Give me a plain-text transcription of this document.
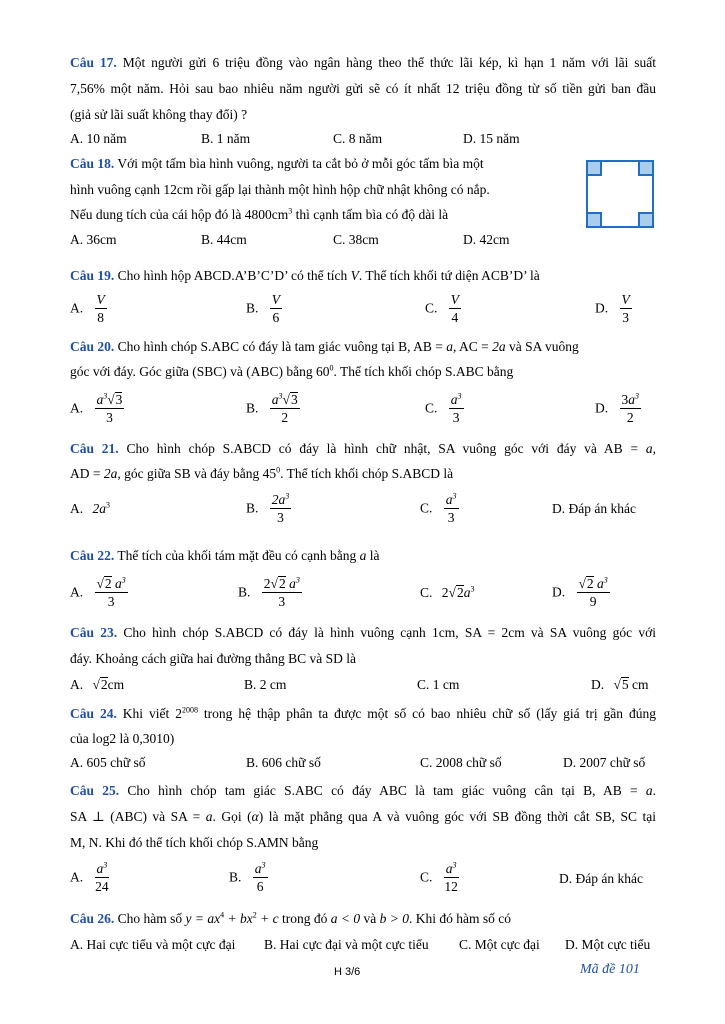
Câu 17. Một người gửi 6 triệu đồng vào ngân hàng theo thể thức lãi kép, kì hạn 1 năm với lãi suất
7,56% một năm. Hỏi sau bao nhiêu năm người gửi sẽ có ít nhất 12 triệu đồng từ số tiền gửi ban đầu
(giả sử lãi suất không thay đổi) ?
A. 10 năm	B. 1 năm	C. 8 năm	D. 15 năm
Câu 18. Với một tấm bìa hình vuông, người ta cắt bỏ ở mỗi góc tấm bìa một
hình vuông cạnh 12cm rồi gấp lại thành một hình hộp chữ nhật không có nắp.
Nếu dung tích của cái hộp đó là $4800cm^3$ thì cạnh tấm bìa có độ dài là
A. 36cm	B. 44cm	C. 38cm	D. 42cm
Câu 19. Cho hình hộp ABCD.A’B’C’D’ có thể tích V. Thể tích khối tứ diện ACB’D’ là
A. $\frac{V}{8}$	B. $\frac{V}{6}$	C. $\frac{V}{4}$	D. $\frac{V}{3}$
Câu 20. Cho hình chóp S.ABC có đáy là tam giác vuông tại B, AB = a, AC = 2a và SA vuông
góc với đáy. Góc giữa (SBC) và (ABC) bằng $60^0$. Thể tích khối chóp S.ABC bằng
A. $\frac{a^3√3}{3}$	B. $\frac{a^3√3}{2}$	C. $\frac{a^3}{3}$	D. $\frac{3a^3}{2}$
Câu 21. Cho hình chóp S.ABCD có đáy là hình chữ nhật, SA vuông góc với đáy và AB = a,
AD = 2a, góc giữa SB và đáy bằng $45^0$. Thể tích khối chóp S.ABCD là
A. $2a^3$	B. $\frac{2a^3}{3}$	C. $\frac{a^3}{3}$	D. Đáp án khác
Câu 22. Thể tích của khối tám mặt đều có cạnh bằng a là
A. $\frac{√2 a^3}{3}$	B. $\frac{2√2 a^3}{3}$	C. $2√2a^3$	D. $\frac{√2 a^3}{9}$
Câu 23. Cho hình chóp S.ABCD có đáy là hình vuông cạnh 1cm, SA = 2cm và SA vuông góc với
đáy. Khoảng cách giữa hai đường thẳng BC và SD là
A. √2cm	B. 2 cm	C. 1 cm	D. √5 cm
Câu 24. Khi viết $2^{2008}$ trong hệ thập phân ta được một số có bao nhiêu chữ số (lấy giá trị gần đúng
của log2 là 0,3010)
A. 605 chữ số	B. 606 chữ số	C. 2008 chữ số	D. 2007 chữ số
Câu 25. Cho hình chóp tam giác S.ABC có đáy ABC là tam giác vuông cân tại B, AB = a.
SA ⊥ (ABC) và SA = a. Gọi (α) là mặt phẳng qua A và vuông góc với SB đồng thời cắt SB, SC tại
M, N. Khi đó thể tích khối chóp S.AMN bằng
A. $\frac{a^3}{24}$	B. $\frac{a^3}{6}$	C. $\frac{a^3}{12}$	D. Đáp án khác
Câu 26. Cho hàm số $y = ax^4 + bx^2 + c$ trong đó a < 0 và b > 0. Khi đó hàm số có
A. Hai cực tiểu và một cực đại B. Hai cực đại và một cực tiểu C. Một cực đại D. Một cực tiểu
H 3/6	Mã đề 101
